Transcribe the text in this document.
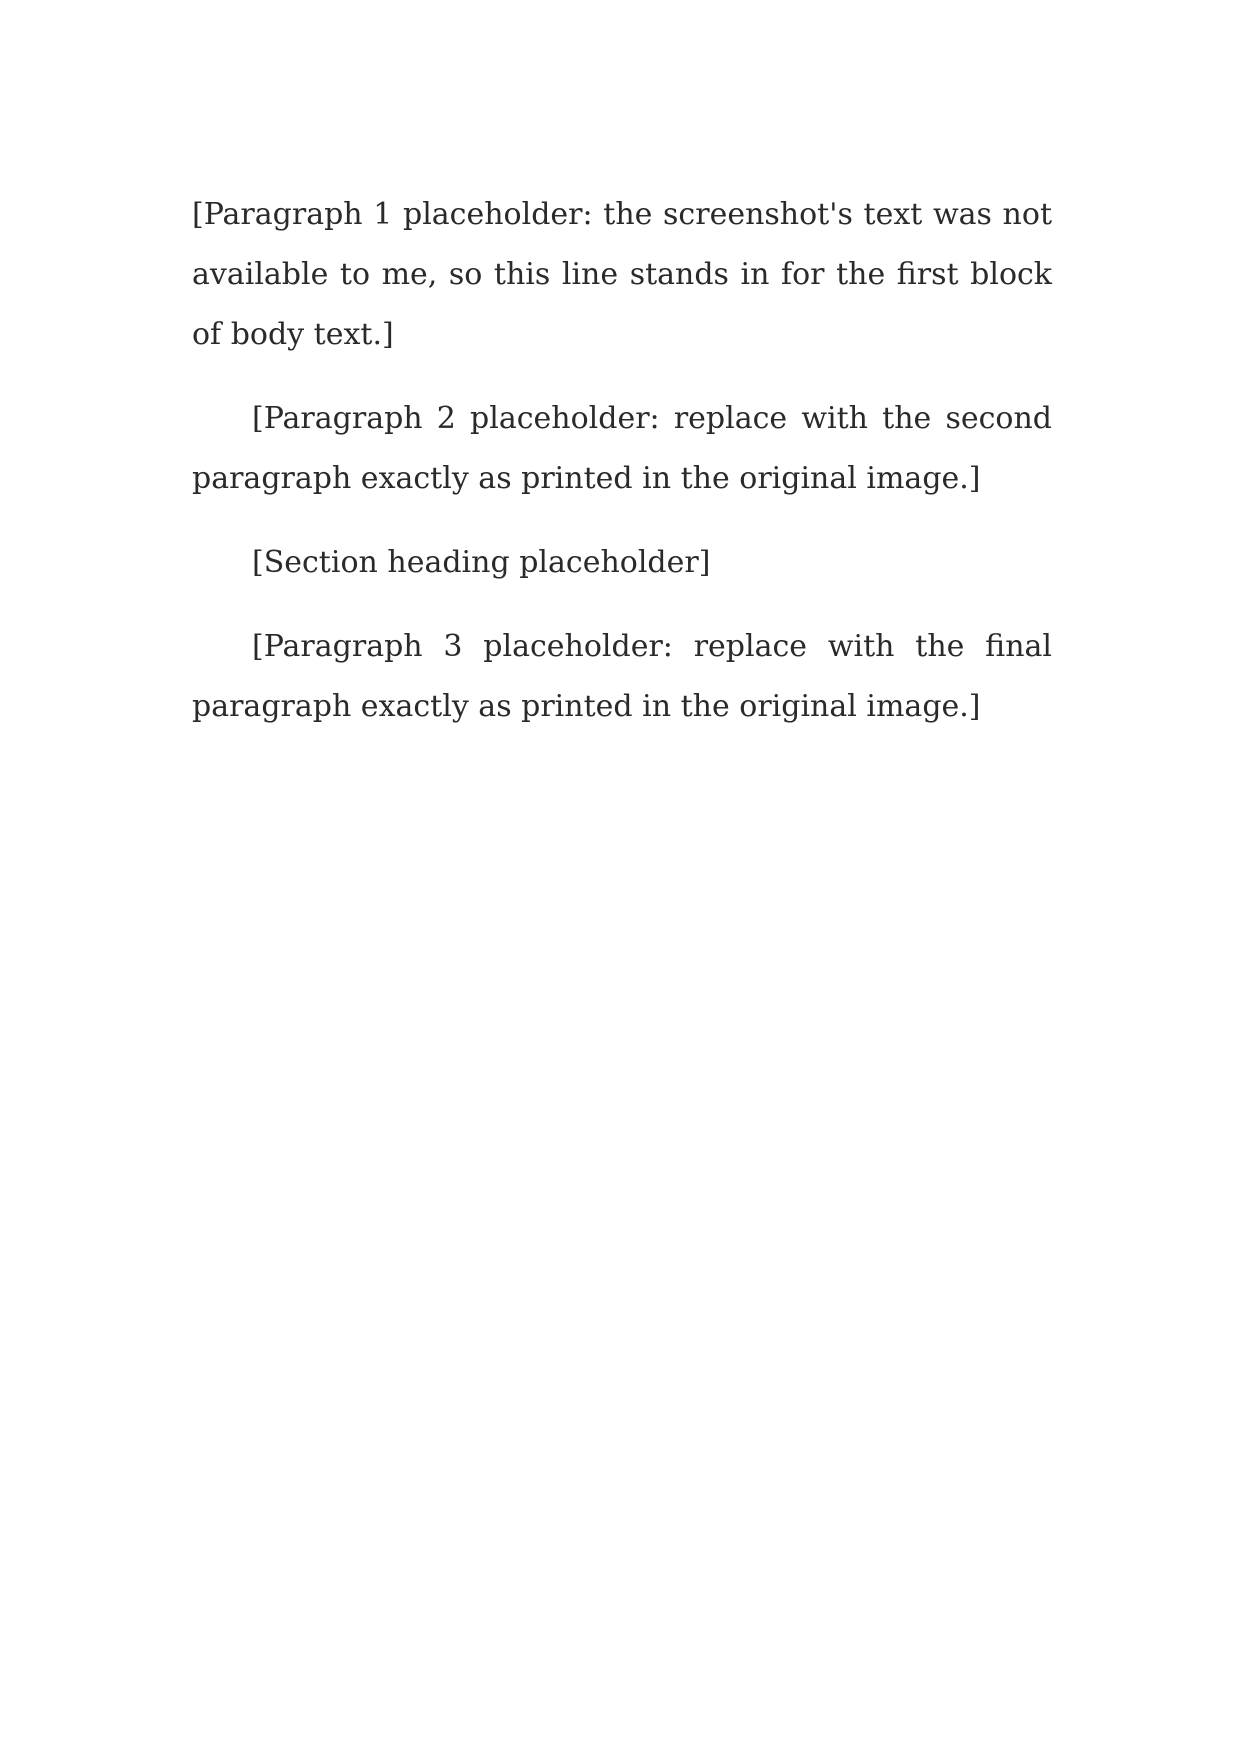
[Paragraph 1 placeholder: the screenshot's text was not available to me, so this line stands in for the first block of body text.]

[Paragraph 2 placeholder: replace with the second paragraph exactly as printed in the original image.]

[Section heading placeholder]

[Paragraph 3 placeholder: replace with the final paragraph exactly as printed in the original image.]
